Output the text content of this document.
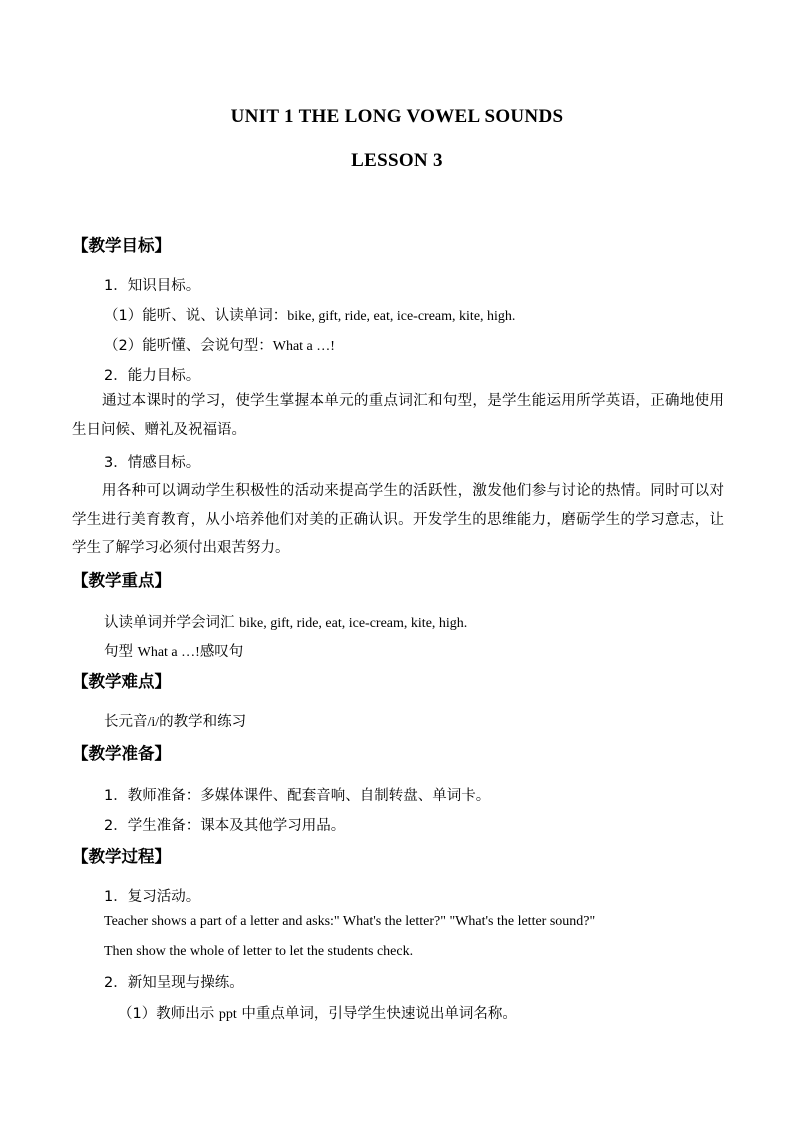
UNIT 1 THE LONG VOWEL SOUNDS
LESSON 3
【教学目标】
1．知识目标。
（1）能听、说、认读单词：bike, gift, ride, eat, ice-cream, kite, high.
（2）能听懂、会说句型：What a …!
2．能力目标。

通过本课时的学习，使学生掌握本单元的重点词汇和句型，是学生能运用所学英语，正确地使用生日问候、赠礼及祝福语。

3．情感目标。

用各种可以调动学生积极性的活动来提高学生的活跃性，激发他们参与讨论的热情。同时可以对学生进行美育教育，从小培养他们对美的正确认识。开发学生的思维能力，磨砺学生的学习意志，让学生了解学习必须付出艰苦努力。

【教学重点】
认读单词并学会词汇 bike, gift, ride, eat, ice-cream, kite, high.
句型 What a …!感叹句
【教学难点】
长元音/i/的教学和练习
【教学准备】
1．教师准备：多媒体课件、配套音响、自制转盘、单词卡。
2．学生准备：课本及其他学习用品。
【教学过程】
1．复习活动。
Teacher shows a part of a letter and asks:" What's the letter?" "What's the letter sound?"
Then show the whole of letter to let the students check.
2．新知呈现与操练。
（1）教师出示 ppt 中重点单词，引导学生快速说出单词名称。
